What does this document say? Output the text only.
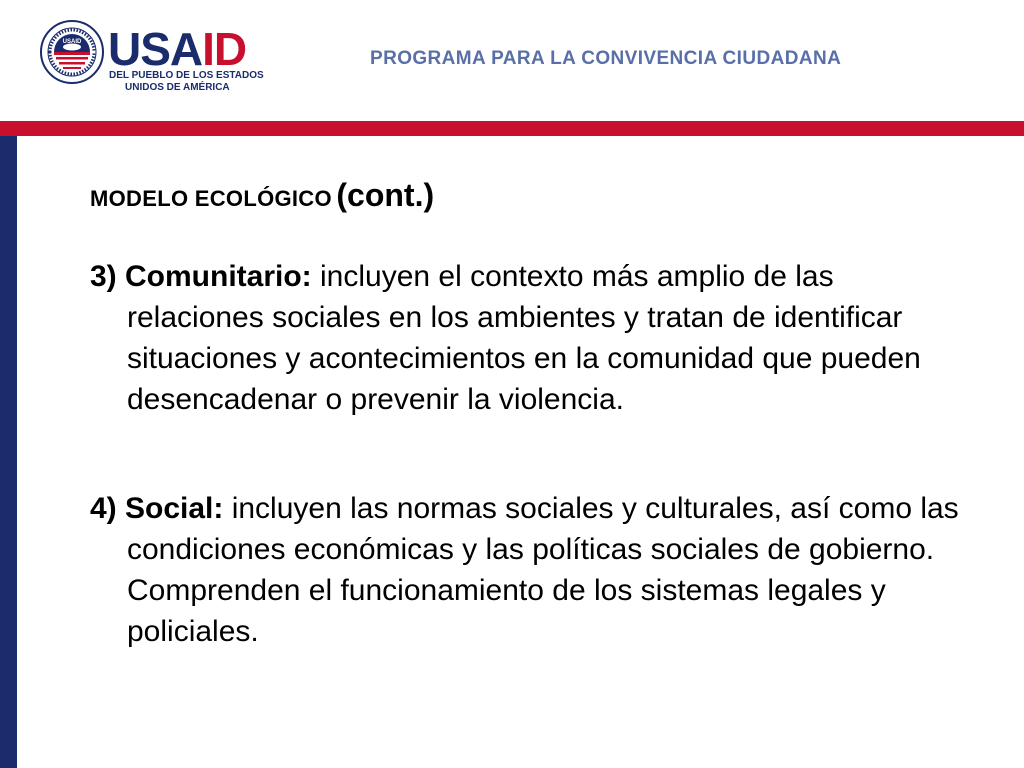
USAID USAID
DEL PUEBLO DE LOS ESTADOS
UNIDOS DE AMÉRICA
PROGRAMA PARA LA CONVIVENCIA CIUDADANA
MODELO ECOLÓGICO (cont.)
3) Comunitario: incluyen el contexto más amplio de las relaciones sociales en los ambientes y tratan de identificar situaciones y acontecimientos en la comunidad que pueden desencadenar o prevenir la violencia.
4) Social: incluyen las normas sociales y culturales, así como las condiciones económicas y las políticas sociales de gobierno. Comprenden el funcionamiento de los sistemas legales y policiales.
